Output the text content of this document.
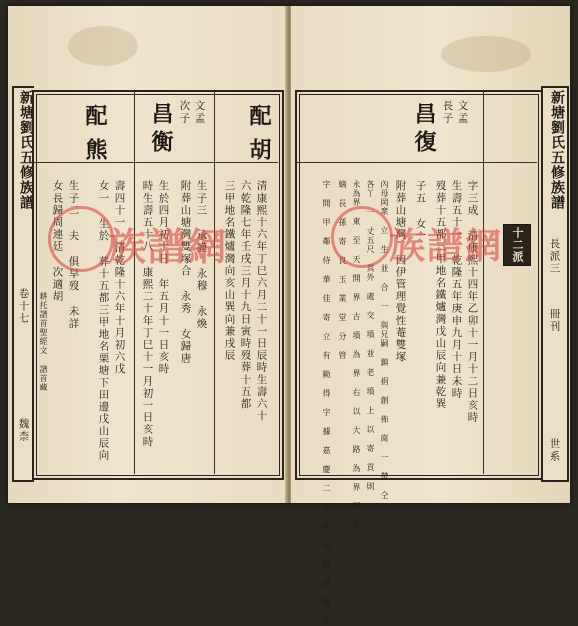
新塘劉氏五修族譜
卷十七
魏柰
配
胡
文孟
次子
昌衡
配
熊
清康熙十六年丁巳六月二十一日辰時生壽六十
六乾隆七年壬戌三月十九日寅時歿葬十五都
三甲地名鐵爐灣向亥山巽向兼戌辰
生子三 承謨 永穆 永煥
附葬山塘灣雙塚合 永秀 女歸唐
生於四月初十日 年五月十一日亥時
時生壽五十八 康熙二十年丁巳十一月初一日亥時
壽四十一 清乾隆十六年十月初六戊
女一 生於 葬十五都三甲地名栗塘下田邊戊山辰向
生子二 夫 俱早歿 未詳
女長歸周連廷 次適胡
耕托譜首聖經文 譜首藏
族譜網
文孟
長子
昌復
字三成 清康熙十四年乙卯十一月十二日亥時
生壽五十一 乾隆五年庚申九月十日未時
歿葬十五都三甲地名鐵爐灣戊山辰向兼乾巽
子五 女一
附葬山塘灣 因伊管理覺性菴雙塚
內母岡衆 立 生 並 合 一 與兄嗣 鎮 捐 創 佈 崗 一 帶 仝
各丫 一 丈五尺 其外 處 交 墳 並 老 墳 上 以 寄 貢 則
永為界 東 至 天 開 界 古 墳 為 界 右 以 大 路 為 界 下 至
嫡 長 孫 寄 良 玉 業 堂 分 管
字 開 甲 鄰 侍 華 佳 寄 立 有 勤 得 字 據 嘉 慶 二 十 年 因 與 吳 張 定	十二派
新塘劉氏五修族譜
長派三
冊刊
世系
族譜網
